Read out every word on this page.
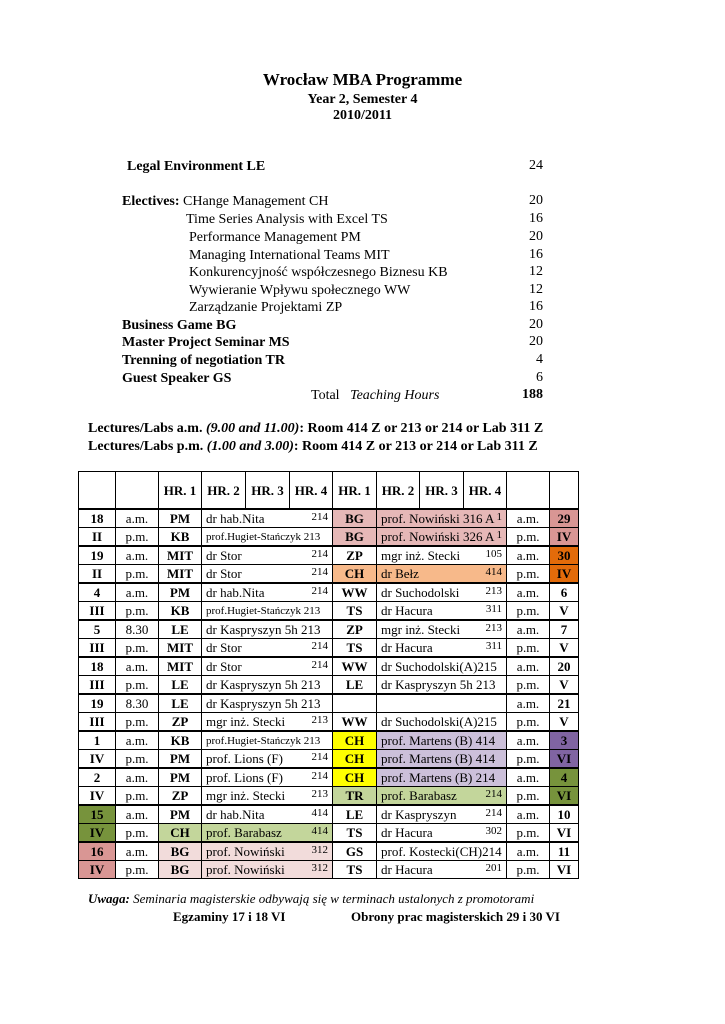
Wrocław MBA Programme
Year 2, Semester 4
2010/2011
Legal Environment LE	24
Electives: CHange Management CH	20
Time Series Analysis with Excel TS	16
Performance Management PM	20
Managing International Teams MIT	16
Konkurencyjność współczesnego Biznesu KB	12
Wywieranie Wpływu społecznego WW	12
Zarządzanie Projektami ZP	16
Business Game BG	20
Master Project Seminar MS	20
Trenning of negotiation TR	4
Guest Speaker GS	6
Total Teaching Hours	188
Lectures/Labs a.m. (9.00 and 11.00): Room 414 Z or 213 or 214 or Lab 311 Z
Lectures/Labs p.m. (1.00 and 3.00): Room 414 Z or 213 or 214 or Lab 311 Z
		HR. 1	HR. 2	HR. 3	HR. 4	HR. 1	HR. 2	HR. 3	HR. 4		
18	a.m.	PM	dr hab.Nita 214			BG	prof. Nowiński 316 A 1			a.m.	29
II	p.m.	KB	prof.Hugiet-Stańczyk 213			BG	prof. Nowiński 326 A 1			p.m.	IV
19	a.m.	MIT	dr Stor 214			ZP	mgr inż. Stecki 105			a.m.	30
II	p.m.	MIT	dr Stor 214			CH	dr Bełz 414			p.m.	IV
4	a.m.	PM	dr hab.Nita 214			WW	dr Suchodolski 213			a.m.	6
III	p.m.	KB	prof.Hugiet-Stańczyk 213			TS	dr Hacura 311			p.m.	V
5	8.30	LE	dr Kaspryszyn 5h 213			ZP	mgr inż. Stecki 213			a.m.	7
III	p.m.	MIT	dr Stor 214			TS	dr Hacura 311			p.m.	V
18	a.m.	MIT	dr Stor 214			WW	dr Suchodolski(A)215			a.m.	20
III	p.m.	LE	dr Kaspryszyn 5h 213			LE	dr Kaspryszyn 5h 213			p.m.	V
19	8.30	LE	dr Kaspryszyn 5h 213							a.m.	21
III	p.m.	ZP	mgr inż. Stecki 213			WW	dr Suchodolski(A)215			p.m.	V
1	a.m.	KB	prof.Hugiet-Stańczyk 213			CH	prof. Martens (B) 414			a.m.	3
IV	p.m.	PM	prof. Lions (F) 214			CH	prof. Martens (B) 414			p.m.	VI
2	a.m.	PM	prof. Lions (F) 214			CH	prof. Martens (B) 214			a.m.	4
IV	p.m.	ZP	mgr inż. Stecki 213			TR	prof. Barabasz 214			p.m.	VI
15	a.m.	PM	dr hab.Nita 414			LE	dr Kaspryszyn 214			a.m.	10
IV	p.m.	CH	prof. Barabasz 414			TS	dr Hacura 302			p.m.	VI
16	a.m.	BG	prof. Nowiński 312			GS	prof. Kostecki(CH)214			a.m.	11
IV	p.m.	BG	prof. Nowiński 312			TS	dr Hacura 201			p.m.	VI
Uwaga: Seminaria magisterskie odbywają się w terminach ustalonych z promotorami
Egzaminy 17 i 18 VI	Obrony prac magisterskich 29 i 30 VI
